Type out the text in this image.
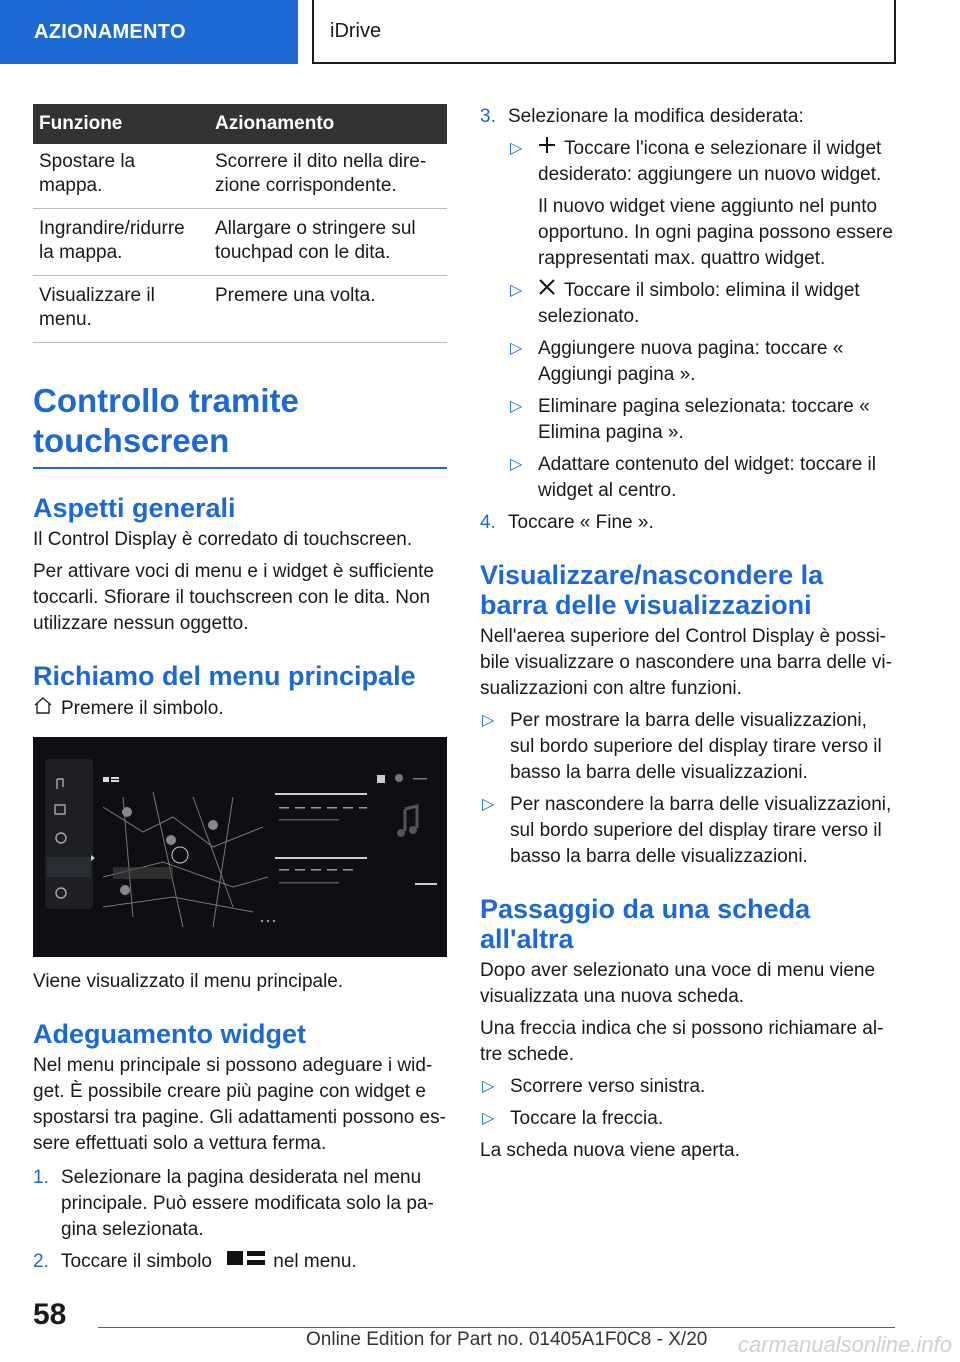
AZIONAMENTO	iDrive
Funzione	Azionamento
Spostare la mappa.	Scorrere il dito nella dire-zione corrispondente.
Ingrandire/ridurre la mappa.	Allargare o stringere sul touchpad con le dita.
Visualizzare il menu.	Premere una volta.
Controllo tramite touchscreen
Aspetti generali

Il Control Display è corredato di touchscreen.

Per attivare voci di menu e i widget è sufficiente toccarli. Sfiorare il touchscreen con le dita. Non utilizzare nessun oggetto.

Richiamo del menu principale
Premere il simbolo.

Viene visualizzato il menu principale.

Adeguamento widget

Nel menu principale si possono adeguare i wid-get. È possibile creare più pagine con widget e spostarsi tra pagine. Gli adattamenti possono es-sere effettuati solo a vettura ferma.

1. Selezionare la pagina desiderata nel menu principale. Può essere modificata solo la pa-gina selezionata.
2. Toccare il simbolo	nel menu.
3. Selezionare la modifica desiderata:
▷ Toccare l'icona e selezionare il widget desiderato: aggiungere un nuovo widget.

Il nuovo widget viene aggiunto nel punto opportuno. In ogni pagina possono essere rappresentati max. quattro widget.

▷ Toccare il simbolo: elimina il widget selezionato.
▷ Aggiungere nuova pagina: toccare « Aggiungi pagina ».
▷ Eliminare pagina selezionata: toccare « Elimina pagina ».
▷ Adattare contenuto del widget: toccare il widget al centro.
4. Toccare « Fine ».
Visualizzare/nascondere la barra delle visualizzazioni

Nell'aerea superiore del Control Display è possi-bile visualizzare o nascondere una barra delle vi-sualizzazioni con altre funzioni.

▷ Per mostrare la barra delle visualizzazioni, sul bordo superiore del display tirare verso il basso la barra delle visualizzazioni.
▷ Per nascondere la barra delle visualizzazioni, sul bordo superiore del display tirare verso il basso la barra delle visualizzazioni.
Passaggio da una scheda all'altra

Dopo aver selezionato una voce di menu viene visualizzata una nuova scheda.

Una freccia indica che si possono richiamare al-tre schede.

▷ Scorrere verso sinistra.
▷ Toccare la freccia.

La scheda nuova viene aperta.

58
Online Edition for Part no. 01405A1F0C8 - X/20 carmanualsonline.info
